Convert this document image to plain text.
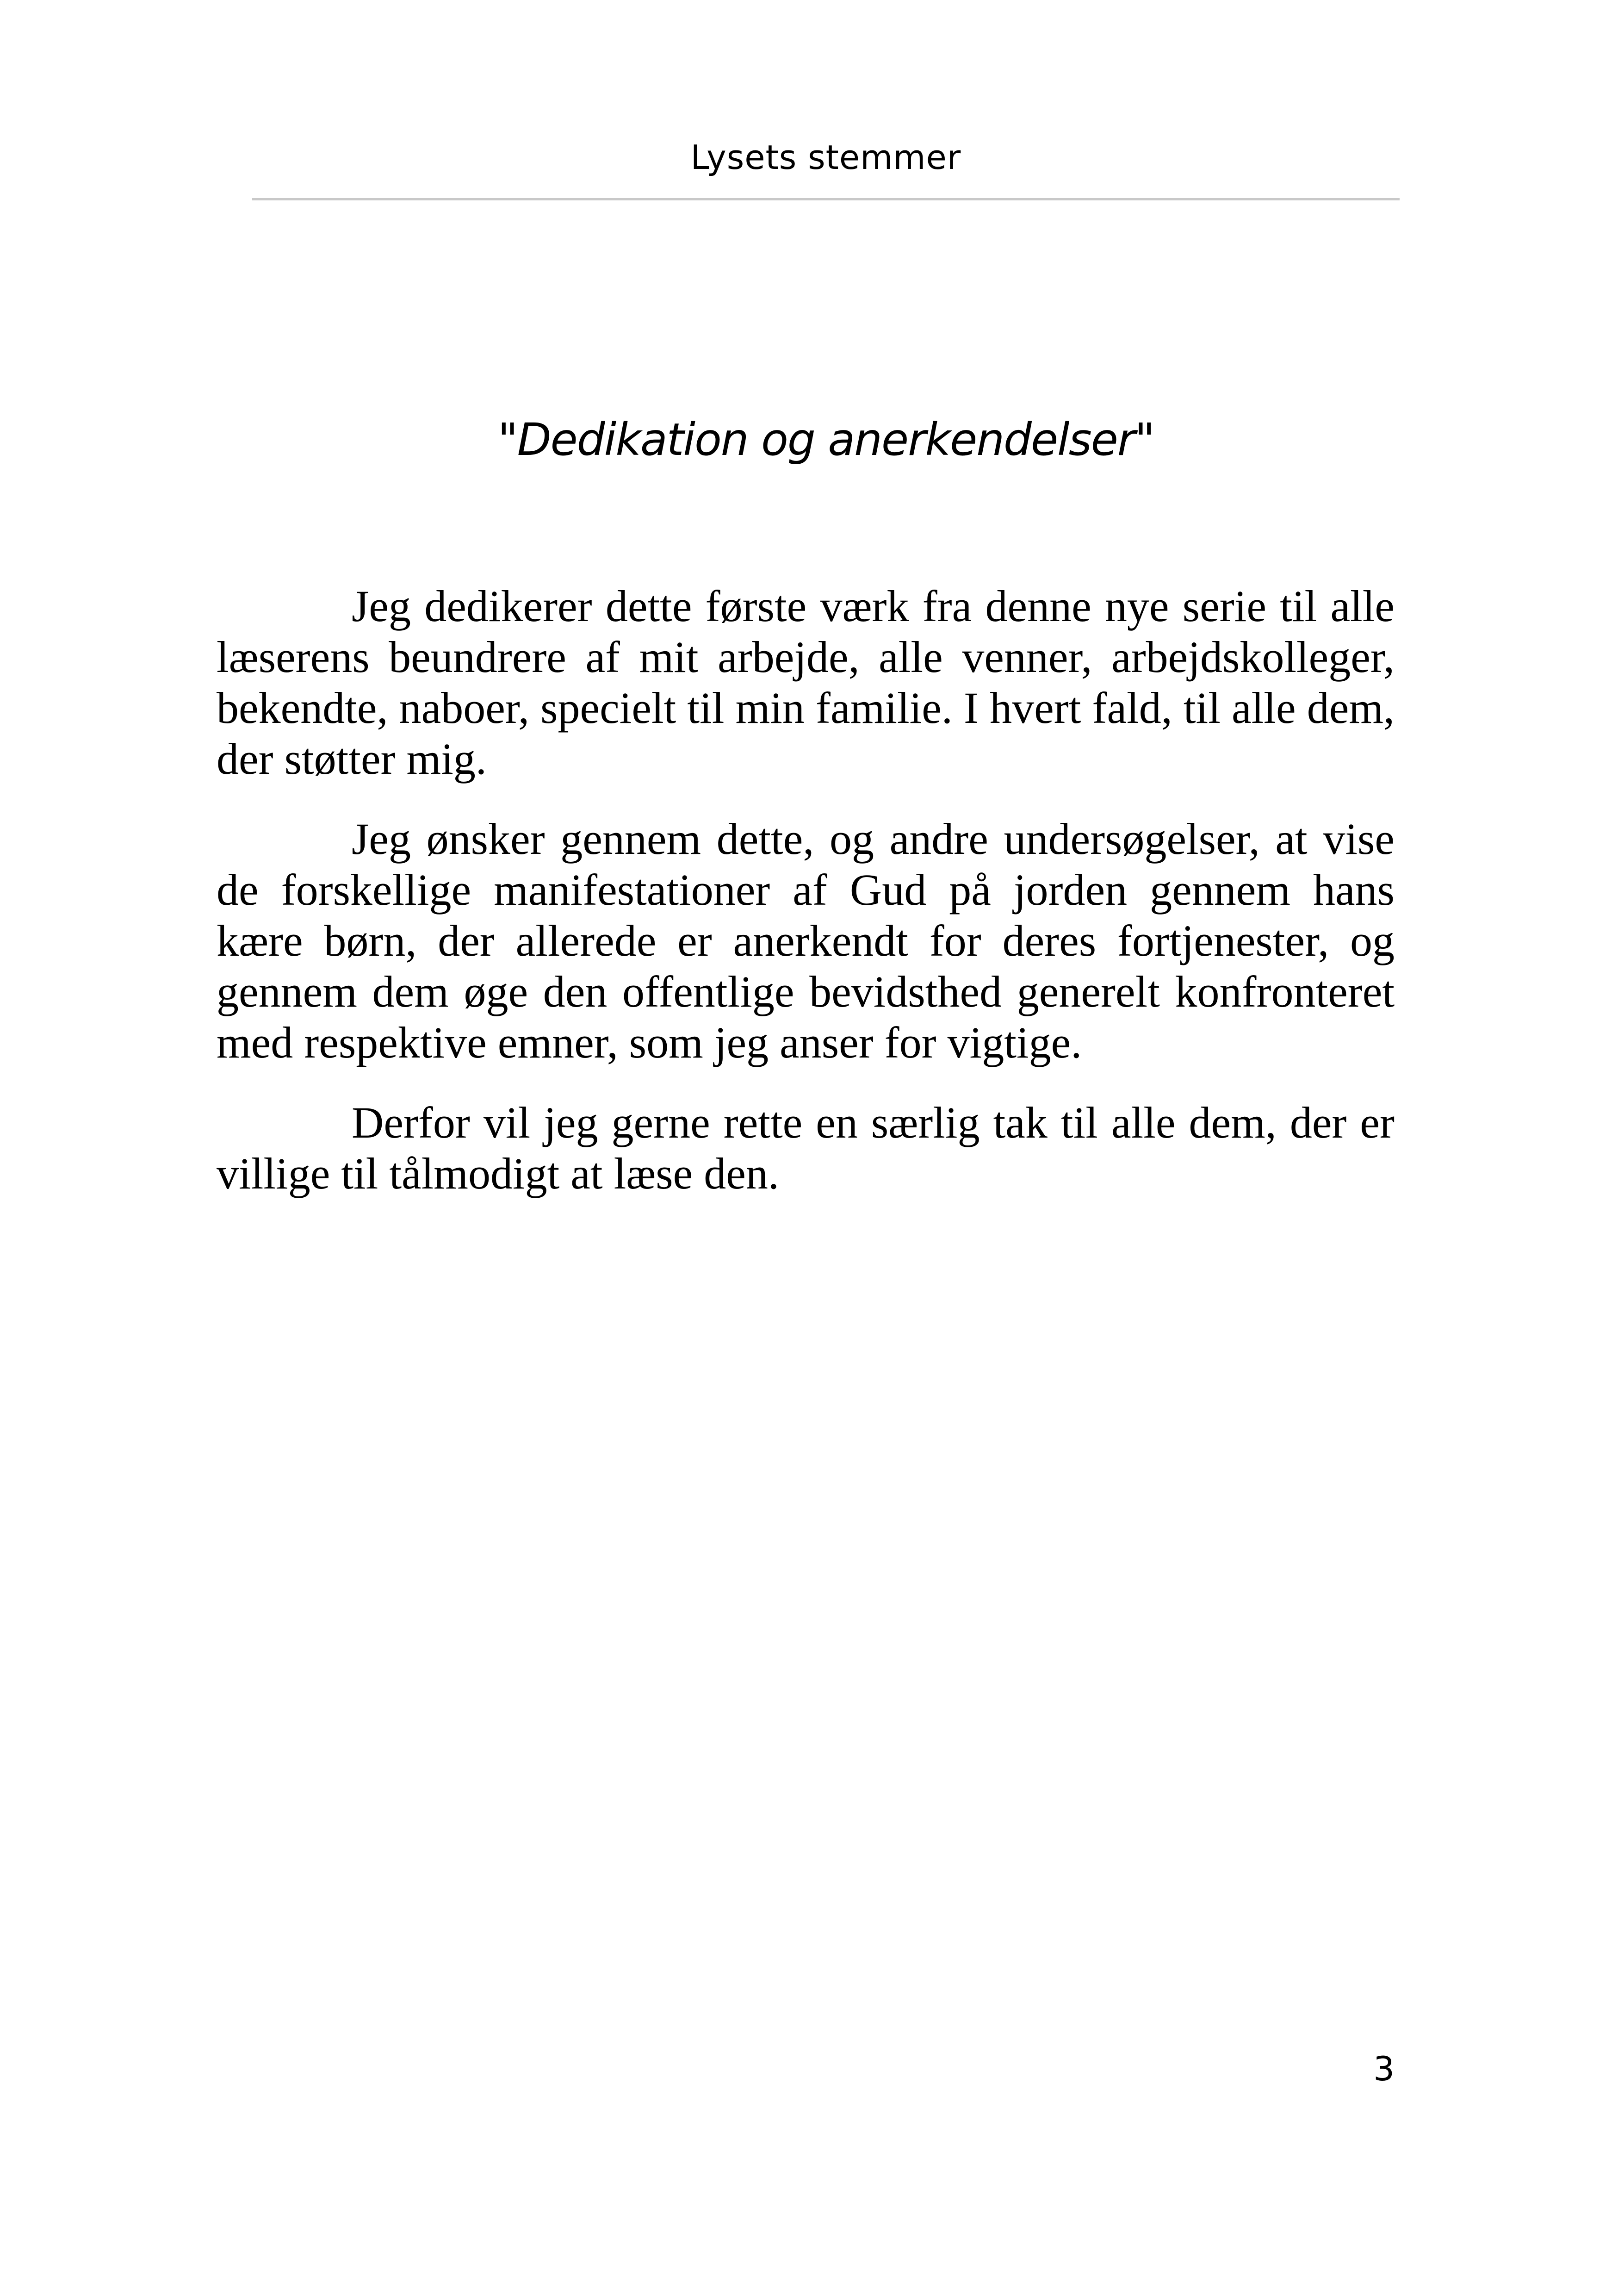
Lysets stemmer
"Dedikation og anerkendelser"

Jeg dedikerer dette første værk fra denne nye serie til alle læserens beundrere af mit arbejde, alle venner, arbejdskolleger, bekendte, naboer, specielt til min familie. I hvert fald, til alle dem, der støtter mig.

Jeg ønsker gennem dette, og andre undersøgelser, at vise de forskellige manifestationer af Gud på jorden gennem hans kære børn, der allerede er anerkendt for deres fortjenester, og gennem dem øge den offentlige bevidsthed generelt konfronteret med respektive emner, som jeg anser for vigtige.

Derfor vil jeg gerne rette en særlig tak til alle dem, der er villige til tålmodigt at læse den.

3
